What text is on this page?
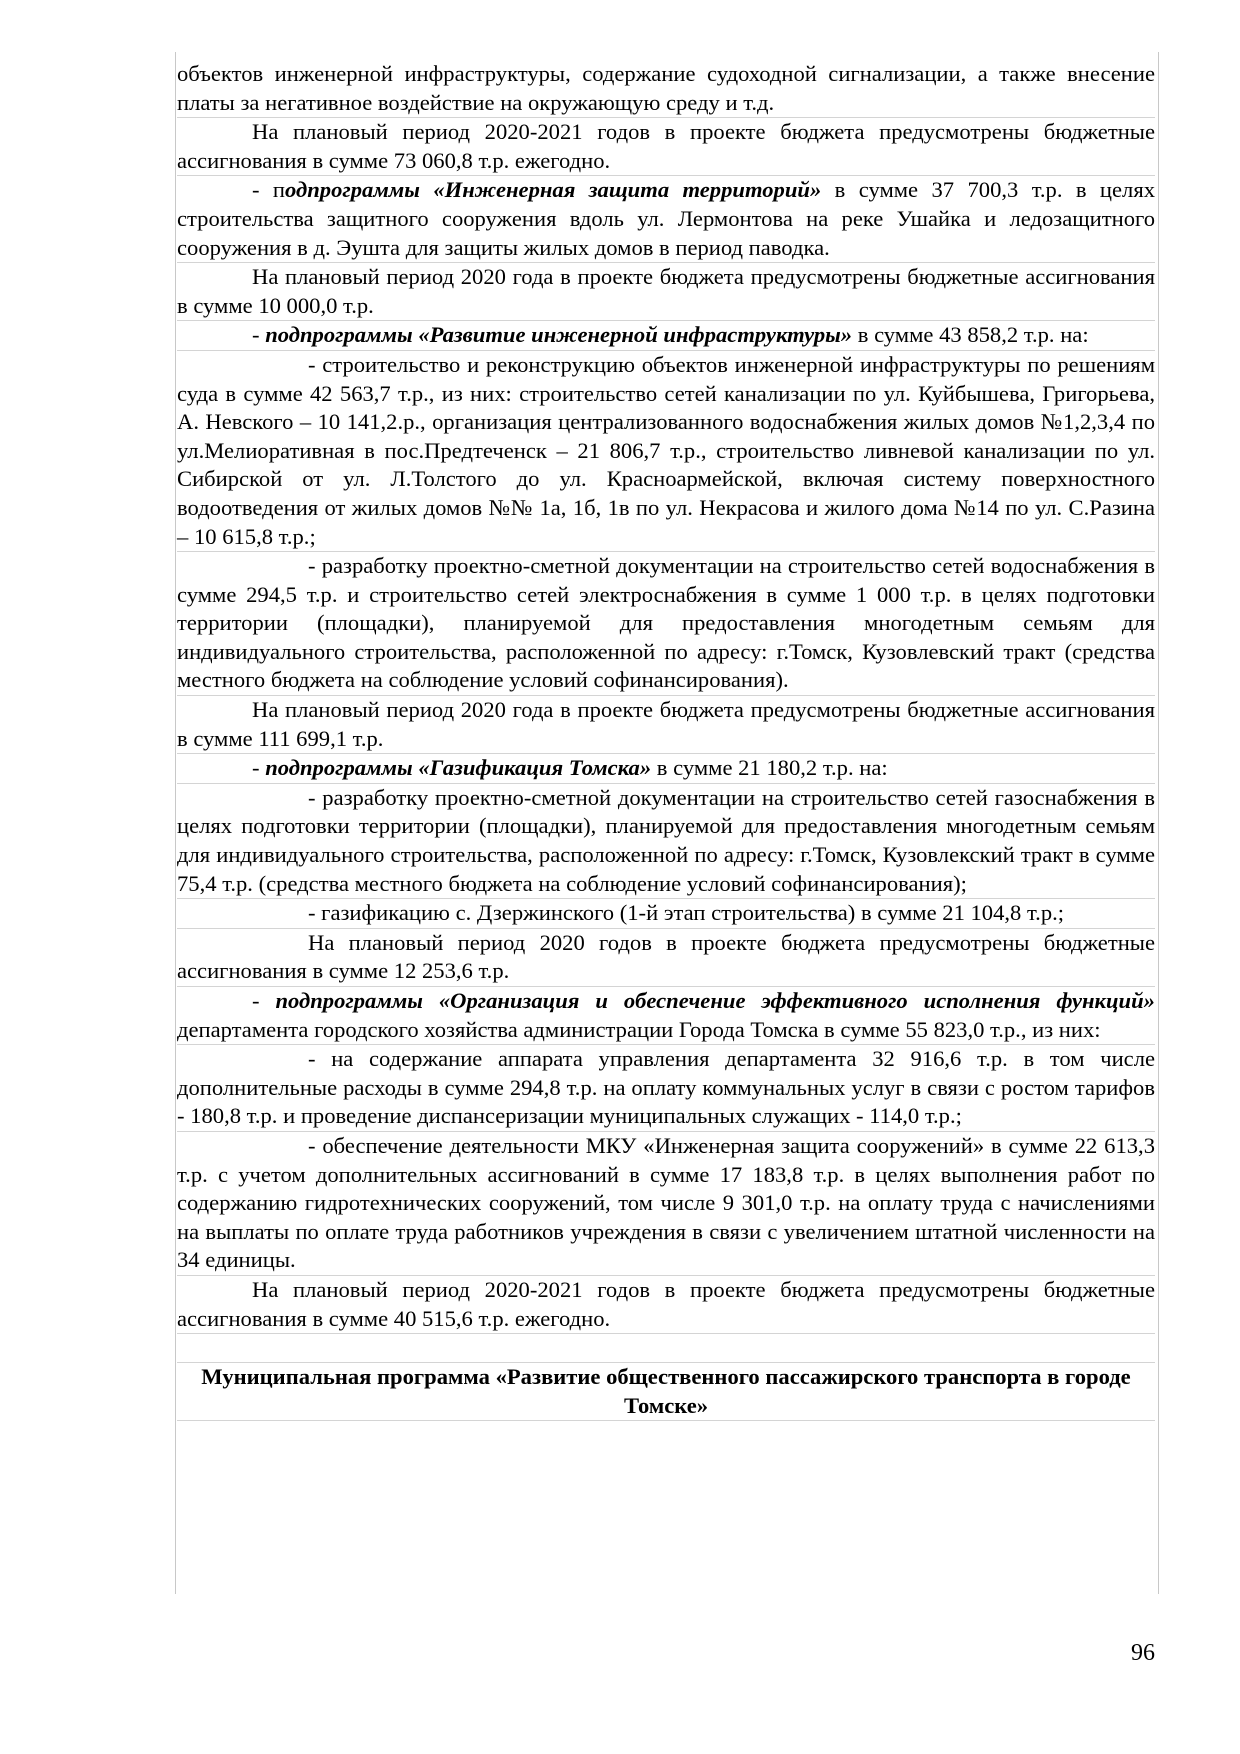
объектов инженерной инфраструктуры, содержание судоходной сигнализации, а также внесение платы за негативное воздействие на окружающую среду и т.д.

На плановый период 2020-2021 годов в проекте бюджета предусмотрены бюджетные ассигнования в сумме 73 060,8 т.р. ежегодно.

- подпрограммы «Инженерная защита территорий» в сумме 37 700,3 т.р. в целях строительства защитного сооружения вдоль ул. Лермонтова на реке Ушайка и ледозащитного сооружения в д. Эушта для защиты жилых домов в период паводка.

На плановый период 2020 года в проекте бюджета предусмотрены бюджетные ассигнования в сумме 10 000,0 т.р.

- подпрограммы «Развитие инженерной инфраструктуры» в сумме 43 858,2 т.р. на:

- строительство и реконструкцию объектов инженерной инфраструктуры по решениям суда в сумме 42 563,7 т.р., из них: строительство сетей канализации по ул. Куйбышева, Григорьева, А. Невского – 10 141,2.р., организация централизованного водоснабжения жилых домов №1,2,3,4 по ул.Мелиоративная в пос.Предтеченск – 21 806,7 т.р., строительство ливневой канализации по ул. Сибирской от ул. Л.Толстого до ул. Красноармейской, включая систему поверхностного водоотведения от жилых домов №№ 1а, 1б, 1в по ул. Некрасова и жилого дома №14 по ул. С.Разина – 10 615,8 т.р.;

- разработку проектно-сметной документации на строительство сетей водоснабжения в сумме 294,5 т.р. и строительство сетей электроснабжения в сумме 1 000 т.р. в целях подготовки территории (площадки), планируемой для предоставления многодетным семьям для индивидуального строительства, расположенной по адресу: г.Томск, Кузовлевский тракт (средства местного бюджета на соблюдение условий софинансирования).

На плановый период 2020 года в проекте бюджета предусмотрены бюджетные ассигнования в сумме 111 699,1 т.р.

- подпрограммы «Газификация Томска» в сумме 21 180,2 т.р. на:

- разработку проектно-сметной документации на строительство сетей газоснабжения в целях подготовки территории (площадки), планируемой для предоставления многодетным семьям для индивидуального строительства, расположенной по адресу: г.Томск, Кузовлекский тракт в сумме 75,4 т.р. (средства местного бюджета на соблюдение условий софинансирования);

- газификацию с. Дзержинского (1-й этап строительства) в сумме 21 104,8 т.р.;

На плановый период 2020 годов в проекте бюджета предусмотрены бюджетные ассигнования в сумме 12 253,6 т.р.

- подпрограммы «Организация и обеспечение эффективного исполнения функций» департамента городского хозяйства администрации Города Томска в сумме 55 823,0 т.р., из них:

- на содержание аппарата управления департамента 32 916,6 т.р. в том числе дополнительные расходы в сумме 294,8 т.р. на оплату коммунальных услуг в связи с ростом тарифов - 180,8 т.р. и проведение диспансеризации муниципальных служащих - 114,0 т.р.;

- обеспечение деятельности МКУ «Инженерная защита сооружений» в сумме 22 613,3 т.р. с учетом дополнительных ассигнований в сумме 17 183,8 т.р. в целях выполнения работ по содержанию гидротехнических сооружений, том числе 9 301,0 т.р. на оплату труда с начислениями на выплаты по оплате труда работников учреждения в связи с увеличением штатной численности на 34 единицы.

На плановый период 2020-2021 годов в проекте бюджета предусмотрены бюджетные ассигнования в сумме 40 515,6 т.р. ежегодно.

Муниципальная программа «Развитие общественного пассажирского транспорта в городе Томске»

96
